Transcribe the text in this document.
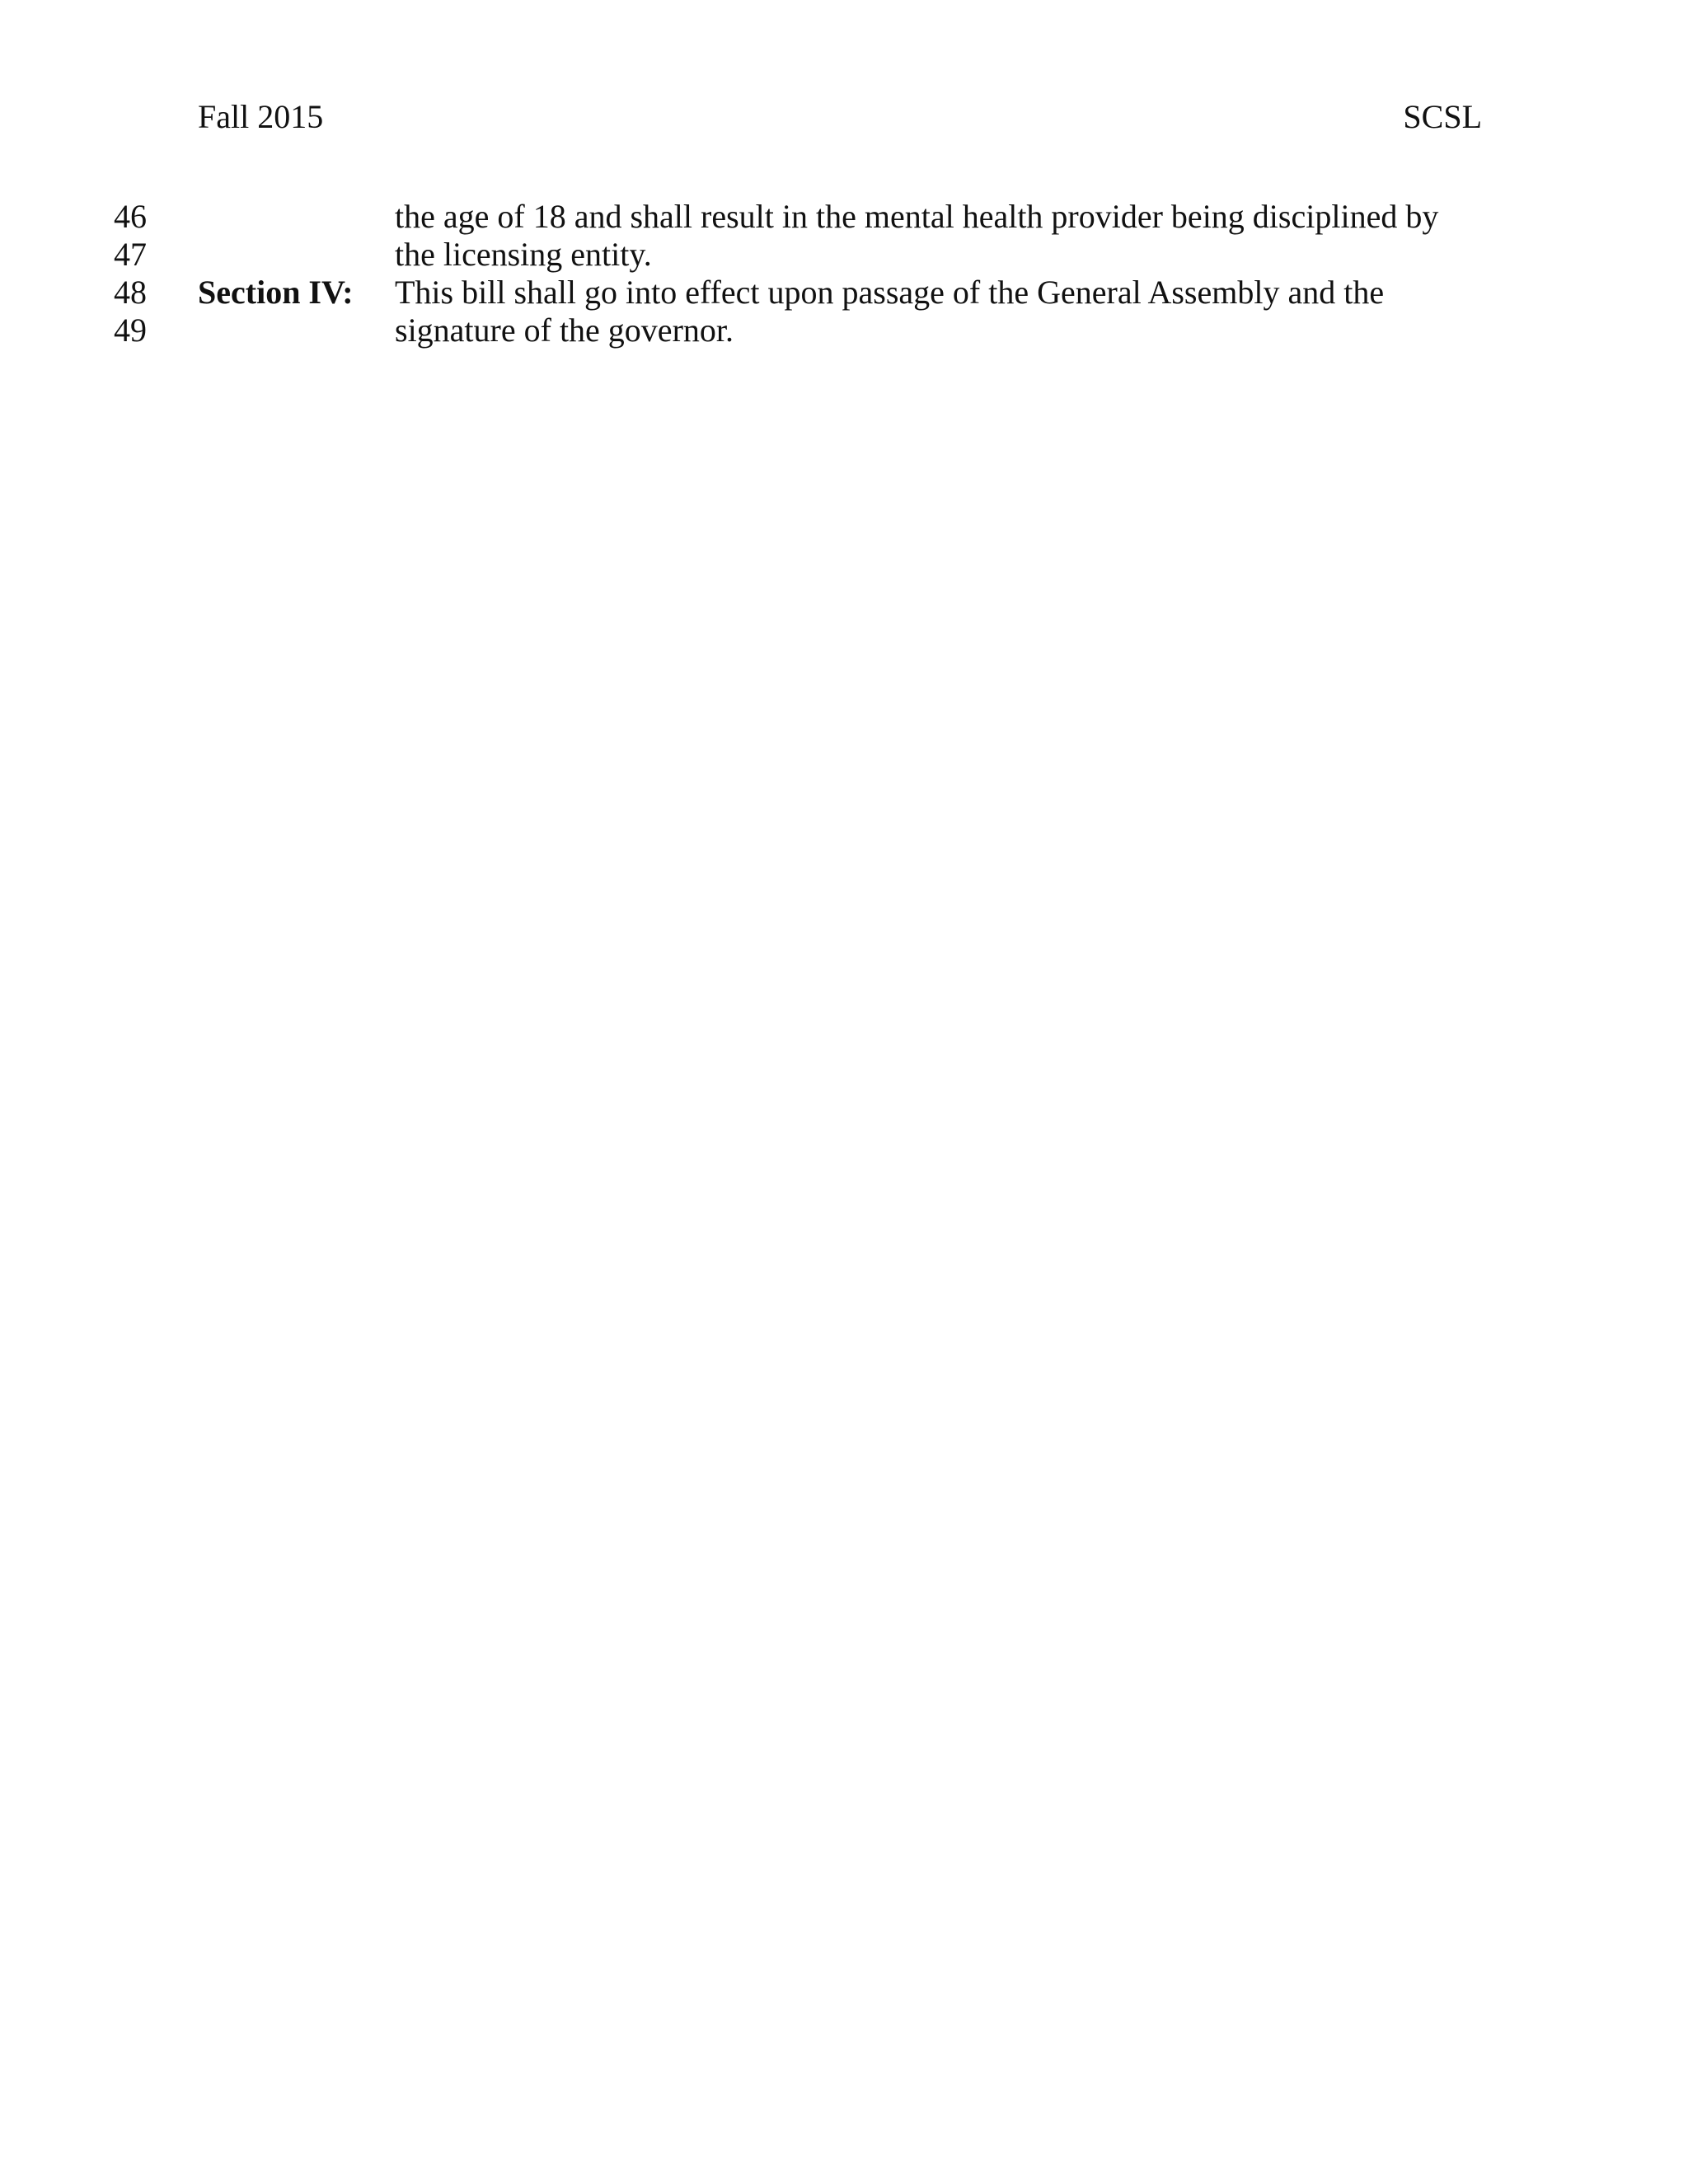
Fall 2015	SCSL
46	the age of 18 and shall result in the mental health provider being disciplined by
47	the licensing entity.
48 Section IV: This bill shall go into effect upon passage of the General Assembly and the
49	signature of the governor.
